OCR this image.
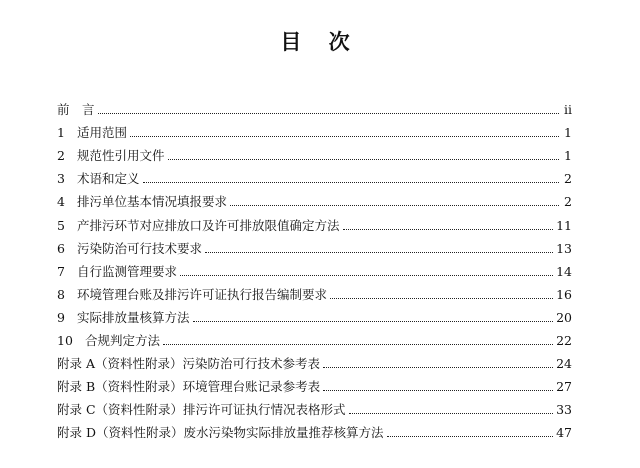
目 次
前　言	ii
1 适用范围	1
2 规范性引用文件	1
3 术语和定义	2
4 排污单位基本情况填报要求	2
5 产排污环节对应排放口及许可排放限值确定方法	11
6 污染防治可行技术要求	13
7 自行监测管理要求	14
8 环境管理台账及排污许可证执行报告编制要求	16
9 实际排放量核算方法	20
10 合规判定方法	22
附录 A（资料性附录）污染防治可行技术参考表	24
附录 B（资料性附录）环境管理台账记录参考表	27
附录 C（资料性附录）排污许可证执行情况表格形式	33
附录 D（资料性附录）废水污染物实际排放量推荐核算方法	47
